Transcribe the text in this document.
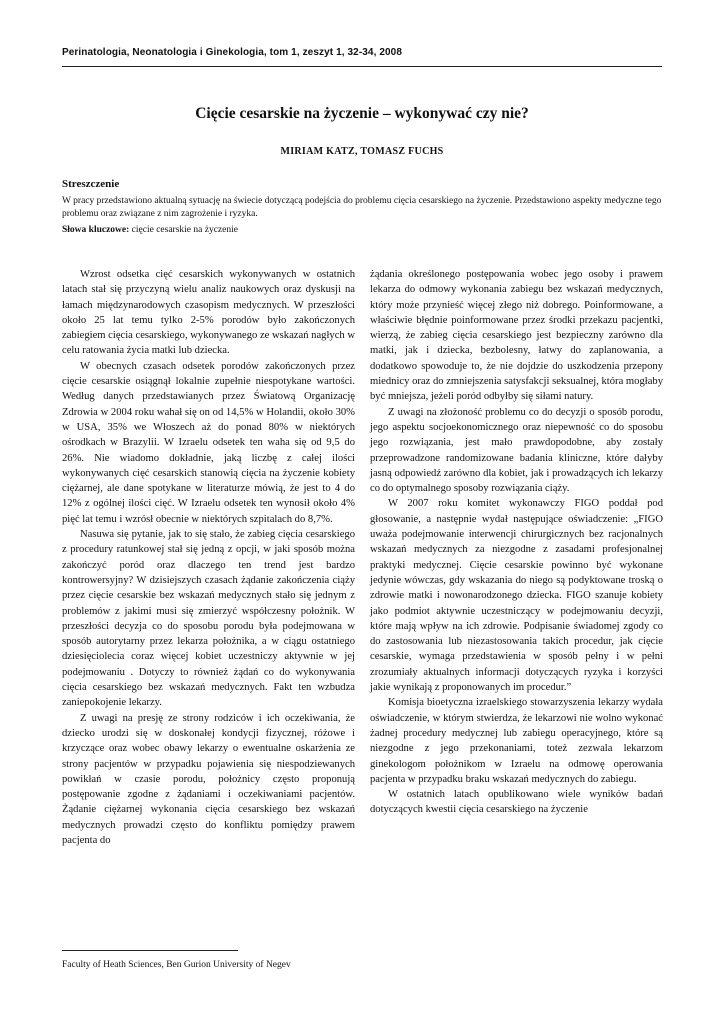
Perinatologia, Neonatologia i Ginekologia, tom 1, zeszyt 1, 32-34, 2008
Cięcie cesarskie na życzenie – wykonywać czy nie?
MIRIAM KATZ, TOMASZ FUCHS
Streszczenie
W pracy przedstawiono aktualną sytuację na świecie dotyczącą podejścia do problemu cięcia cesarskiego na życzenie. Przedstawiono aspekty medyczne tego problemu oraz związane z nim zagrożenie i ryzyka.
Słowa kluczowe: cięcie cesarskie na życzenie

Wzrost odsetka cięć cesarskich wykonywanych w ostatnich latach stał się przyczyną wielu analiz naukowych oraz dyskusji na łamach międzynarodowych czasopism medycznych. W przeszłości około 25 lat temu tylko 2-5% porodów było zakończonych zabiegiem cięcia cesarskiego, wykonywanego ze wskazań nagłych w celu ratowania życia matki lub dziecka.

W obecnych czasach odsetek porodów zakończonych przez cięcie cesarskie osiągnął lokalnie zupełnie niespotykane wartości. Według danych przedstawianych przez Światową Organizację Zdrowia w 2004 roku wahał się on od 14,5% w Holandii, około 30% w USA, 35% we Włoszech aż do ponad 80% w niektórych ośrodkach w Brazylii. W Izraelu odsetek ten waha się od 9,5 do 26%. Nie wiadomo dokładnie, jaką liczbę z całej ilości wykonywanych cięć cesarskich stanowią cięcia na życzenie kobiety ciężarnej, ale dane spotykane w literaturze mówią, że jest to 4 do 12% z ogólnej ilości cięć. W Izraelu odsetek ten wynosił około 4% pięć lat temu i wzrósł obecnie w niektórych szpitalach do 8,7%.

Nasuwa się pytanie, jak to się stało, że zabieg cięcia cesarskiego z procedury ratunkowej stał się jedną z opcji, w jaki sposób można zakończyć poród oraz dlaczego ten trend jest bardzo kontrowersyjny? W dzisiejszych czasach żądanie zakończenia ciąży przez cięcie cesarskie bez wskazań medycznych stało się jednym z problemów z jakimi musi się zmierzyć współczesny położnik. W przeszłości decyzja co do sposobu porodu była podejmowana w sposób autorytarny przez lekarza położnika, a w ciągu ostatniego dziesięciolecia coraz więcej kobiet uczestniczy aktywnie w jej podejmowaniu . Dotyczy to również żądań co do wykonywania cięcia cesarskiego bez wskazań medycznych. Fakt ten wzbudza zaniepokojenie lekarzy.

Z uwagi na presję ze strony rodziców i ich oczekiwania, że dziecko urodzi się w doskonałej kondycji fizycznej, różowe i krzyczące oraz wobec obawy lekarzy o ewentualne oskarżenia ze strony pacjentów w przypadku pojawienia się niespodziewanych powikłań w czasie porodu, położnicy często proponują postępowanie zgodne z żądaniami i oczekiwaniami pacjentów. Żądanie ciężarnej wykonania cięcia cesarskiego bez wskazań medycznych prowadzi często do konfliktu pomiędzy prawem pacjenta do

żądania określonego postępowania wobec jego osoby i prawem lekarza do odmowy wykonania zabiegu bez wskazań medycznych, który może przynieść więcej złego niż dobrego. Poinformowane, a właściwie błędnie poinformowane przez środki przekazu pacjentki, wierzą, że zabieg cięcia cesarskiego jest bezpieczny zarówno dla matki, jak i dziecka, bezbolesny, łatwy do zaplanowania, a dodatkowo spowoduje to, że nie dojdzie do uszkodzenia przepony miednicy oraz do zmniejszenia satysfakcji seksualnej, która mogłaby być mniejsza, jeżeli poród odbyłby się siłami natury.

Z uwagi na złożoność problemu co do decyzji o sposób porodu, jego aspektu socjoekonomicznego oraz niepewność co do sposobu jego rozwiązania, jest mało prawdopodobne, aby zostały przeprowadzone randomizowane badania kliniczne, które dałyby jasną odpowiedź zarówno dla kobiet, jak i prowadzących ich lekarzy co do optymalnego sposoby rozwiązania ciąży.

W 2007 roku komitet wykonawczy FIGO poddał pod głosowanie, a następnie wydał następujące oświadczenie: „FIGO uważa podejmowanie interwencji chirurgicznych bez racjonalnych wskazań medycznych za niezgodne z zasadami profesjonalnej praktyki medycznej. Cięcie cesarskie powinno być wykonane jedynie wówczas, gdy wskazania do niego są podyktowane troską o zdrowie matki i nowonarodzonego dziecka. FIGO szanuje kobiety jako podmiot aktywnie uczestniczący w podejmowaniu decyzji, które mają wpływ na ich zdrowie. Podpisanie świadomej zgody co do zastosowania lub niezastosowania takich procedur, jak cięcie cesarskie, wymaga przedstawienia w sposób pełny i w pełni zrozumiały aktualnych informacji dotyczących ryzyka i korzyści jakie wynikają z proponowanych im procedur.”

Komisja bioetyczna izraelskiego stowarzyszenia lekarzy wydała oświadczenie, w którym stwierdza, że lekarzowi nie wolno wykonać żadnej procedury medycznej lub zabiegu operacyjnego, które są niezgodne z jego przekonaniami, toteż zezwala lekarzom ginekologom położnikom w Izraelu na odmowę operowania pacjenta w przypadku braku wskazań medycznych do zabiegu.

W ostatnich latach opublikowano wiele wyników badań dotyczących kwestii cięcia cesarskiego na życzenie

Faculty of Heath Sciences, Ben Gurion University of Negev
